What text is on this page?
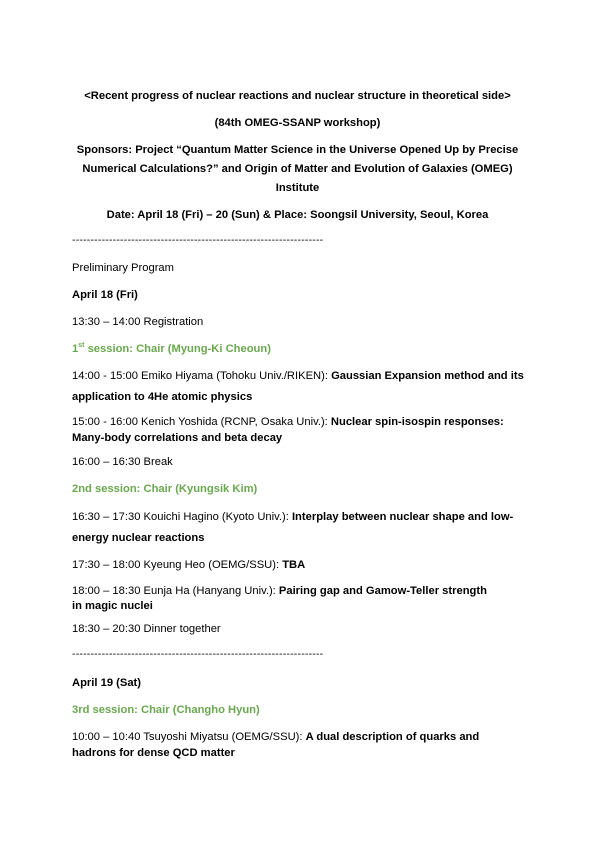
<Recent progress of nuclear reactions and nuclear structure in theoretical side>
(84th OMEG-SSANP workshop)
Sponsors: Project “Quantum Matter Science in the Universe Opened Up by Precise
Numerical Calculations?” and Origin of Matter and Evolution of Galaxies (OMEG)
Institute
Date: April 18 (Fri) – 20 (Sun) & Place: Soongsil University, Seoul, Korea
--------------------------------------------------------------------
Preliminary Program
April 18 (Fri)
13:30 – 14:00 Registration
1st session: Chair (Myung-Ki Cheoun)
14:00 - 15:00 Emiko Hiyama (Tohoku Univ./RIKEN): Gaussian Expansion method and its application to 4He atomic physics
15:00 - 16:00 Kenich Yoshida (RCNP, Osaka Univ.): Nuclear spin-isospin responses: Many-body correlations and beta decay
16:00 – 16:30 Break
2nd session: Chair (Kyungsik Kim)
16:30 – 17:30 Kouichi Hagino (Kyoto Univ.): Interplay between nuclear shape and low-energy nuclear reactions
17:30 – 18:00 Kyeung Heo (OEMG/SSU): TBA
18:00 – 18:30 Eunja Ha (Hanyang Univ.): Pairing gap and Gamow-Teller strength
in magic nuclei
18:30 – 20:30 Dinner together
--------------------------------------------------------------------
April 19 (Sat)
3rd session: Chair (Changho Hyun)
10:00 – 10:40 Tsuyoshi Miyatsu (OEMG/SSU): A dual description of quarks and hadrons for dense QCD matter
